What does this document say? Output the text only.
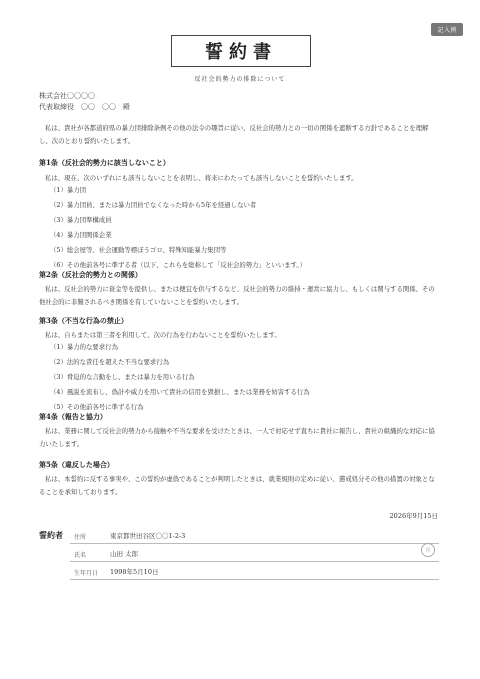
記入例
誓約書
反社会的勢力の排除について
株式会社〇〇〇〇
代表取締役　〇〇　〇〇　殿
私は、貴社が各都道府県の暴力団排除条例その他の法令の趣旨に従い、反社会的勢力との一切の関係を遮断する方針であることを理解し、次のとおり誓約いたします。
第1条（反社会的勢力に該当しないこと）
私は、現在、次のいずれにも該当しないことを表明し、将来にわたっても該当しないことを誓約いたします。
（1）暴力団
（2）暴力団員、または暴力団員でなくなった時から5年を経過しない者
（3）暴力団準構成員
（4）暴力団関係企業
（5）総会屋等、社会運動等標ぼうゴロ、特殊知能暴力集団等
（6）その他前各号に準ずる者（以下、これらを総称して「反社会的勢力」といいます。）
第2条（反社会的勢力との関係）
私は、反社会的勢力に資金等を提供し、または便宜を供与するなど、反社会的勢力の維持・運営に協力し、もしくは関与する関係、その他社会的に非難されるべき関係を有していないことを誓約いたします。
第3条（不当な行為の禁止）
私は、自らまたは第三者を利用して、次の行為を行わないことを誓約いたします。
（1）暴力的な要求行為
（2）法的な責任を超えた不当な要求行為
（3）脅迫的な言動をし、または暴力を用いる行為
（4）風説を流布し、偽計や威力を用いて貴社の信用を毀損し、または業務を妨害する行為
（5）その他前各号に準ずる行為
第4条（報告と協力）
私は、業務に関して反社会的勢力から接触や不当な要求を受けたときは、一人で対応せず直ちに貴社に報告し、貴社の組織的な対応に協力いたします。
第5条（違反した場合）
私は、本誓約に反する事実や、この誓約が虚偽であることが判明したときは、就業規則の定めに従い、懲戒処分その他の措置の対象となることを承知しております。
2026年9月15日
誓約者 住所	東京都世田谷区〇〇1-2-3
氏名	山田 太郎	印
生年月日 1998年5月10日
